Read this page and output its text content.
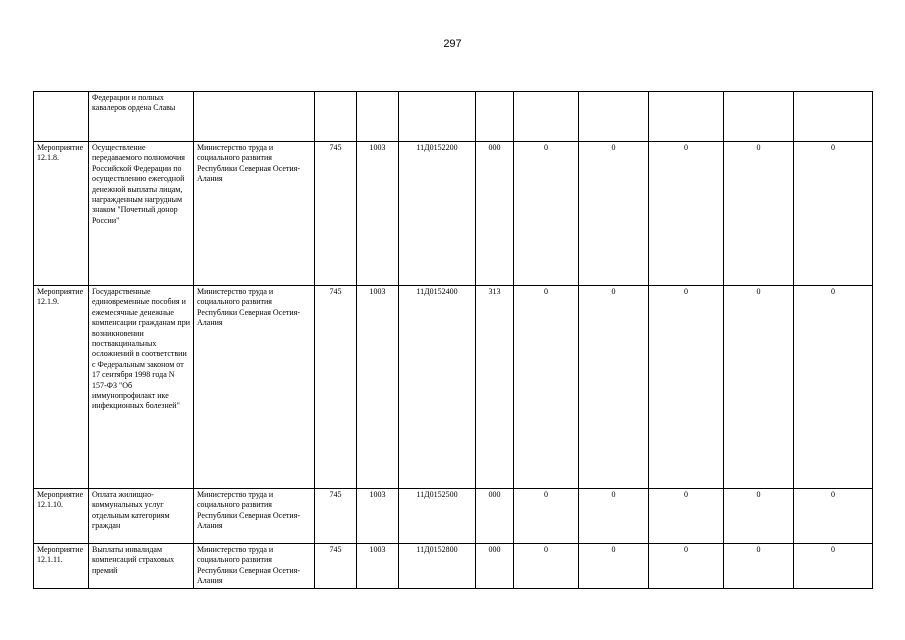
297
	Федерации и полных кавалеров ордена Славы										
Мероприятие 12.1.8.	Осуществление передаваемого полномочия Российской Федерации по осуществлению ежегодной денежной выплаты лицам, награжденным нагрудным знаком "Почетный донор России"	Министерство труда и социального развития Республики Северная Осетия-Алания	745	1003	11Д0152200	000	0	0	0	0	0
Мероприятие 12.1.9.	Государственные единовременные пособия и ежемесячные денежные компенсации гражданам при возникновении поствакцинальных осложнений в соответствии с Федеральным законом от 17 сентября 1998 года N 157-ФЗ "Об иммунопрофилакт ике инфекционных болезней"	Министерство труда и социального развития Республики Северная Осетия-Алания	745	1003	11Д0152400	313	0	0	0	0	0
Мероприятие 12.1.10.	Оплата жилищно-коммунальных услуг отдельным категориям граждан	Министерство труда и социального развития Республики Северная Осетия-Алания	745	1003	11Д0152500	000	0	0	0	0	0
Мероприятие 12.1.11.	Выплаты инвалидам компенсаций страховых премий	Министерство труда и социального развития Республики Северная Осетия-Алания	745	1003	11Д0152800	000	0	0	0	0	0
